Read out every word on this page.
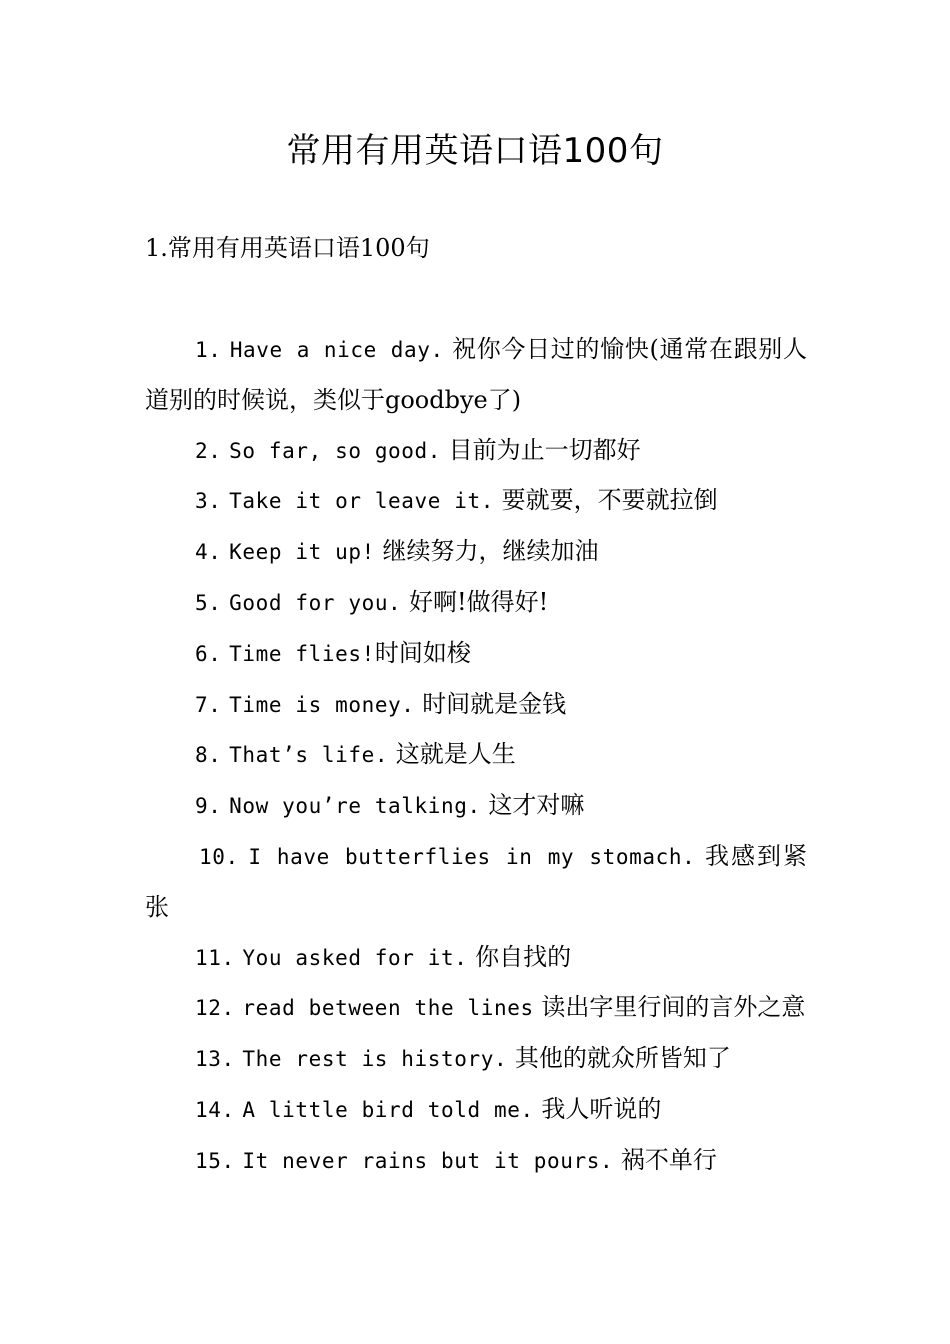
常用有用英语口语100句
1.常用有用英语口语100句

1. Have a nice day. 祝你今日过的愉快(通常在跟别人道别的时候说，类似于goodbye了)

2. So far, so good. 目前为止一切都好

3. Take it or leave it. 要就要，不要就拉倒

4. Keep it up! 继续努力，继续加油

5. Good for you. 好啊!做得好!

6. Time flies!时间如梭

7. Time is money. 时间就是金钱

8. That’s life. 这就是人生

9. Now you’re talking. 这才对嘛

10. I have butterflies in my stomach. 我感到紧张

11. You asked for it. 你自找的

12. read between the lines 读出字里行间的言外之意

13. The rest is history. 其他的就众所皆知了

14. A little bird told me. 我人听说的

15. It never rains but it pours. 祸不单行
